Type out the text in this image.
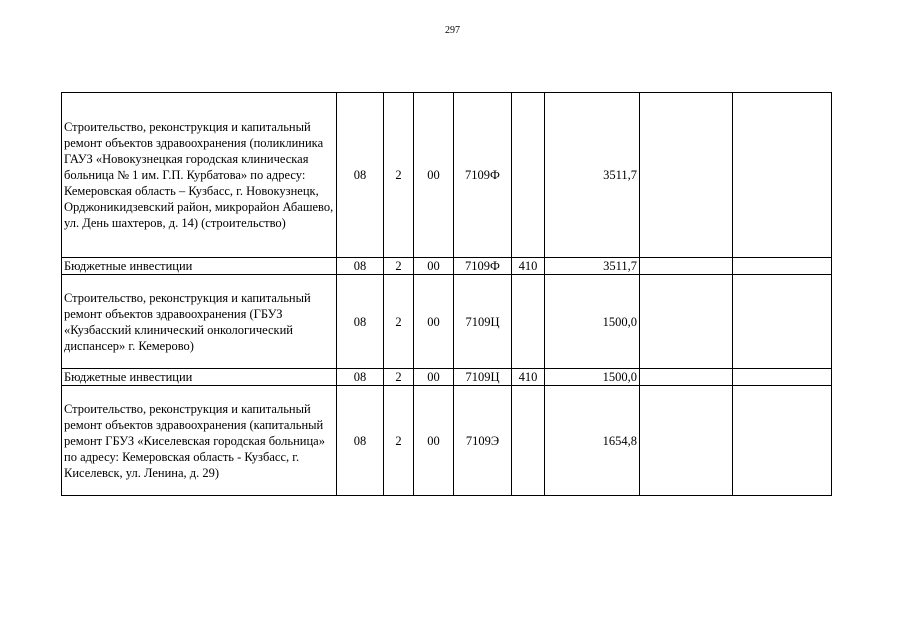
297
Строительство, реконструкция и капитальный ремонт объектов здравоохранения (поликлиника ГАУЗ «Новокузнецкая городская клиническая больница № 1 им. Г.П. Курбатова» по адресу: Кемеровская область – Кузбасс, г. Новокузнецк, Орджоникидзевский район, микрорайон Абашево, ул. День шахтеров, д. 14) (строительство)	08	2	00	7109Ф		3511,7		
Бюджетные инвестиции	08	2	00	7109Ф	410	3511,7		
Строительство, реконструкция и капитальный ремонт объектов здравоохранения (ГБУЗ «Кузбасский клинический онкологический диспансер» г. Кемерово)	08	2	00	7109Ц		1500,0		
Бюджетные инвестиции	08	2	00	7109Ц	410	1500,0		
Строительство, реконструкция и капитальный ремонт объектов здравоохранения (капитальный ремонт ГБУЗ «Киселевская городская больница» по адресу: Кемеровская область - Кузбасс, г. Киселевск, ул. Ленина, д. 29)	08	2	00	7109Э		1654,8		
